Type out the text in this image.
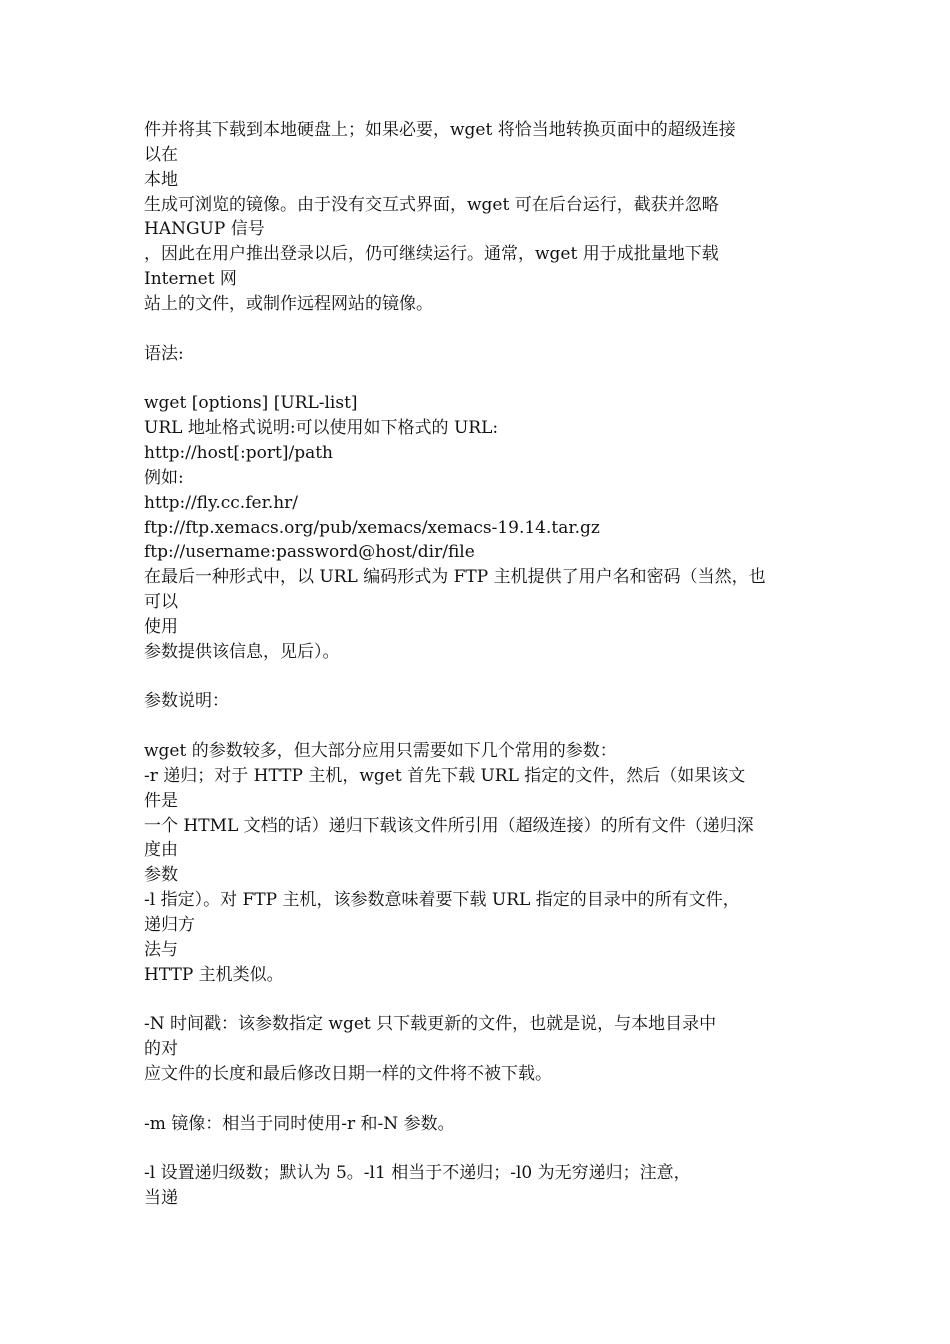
件并将其下载到本地硬盘上；如果必要，wget 将恰当地转换页面中的超级连接
以在
本地
生成可浏览的镜像。由于没有交互式界面，wget 可在后台运行，截获并忽略
HANGUP 信号
，因此在用户推出登录以后，仍可继续运行。通常，wget 用于成批量地下载
Internet 网
站上的文件，或制作远程网站的镜像。
语法:
wget [options] [URL-list]
URL 地址格式说明:可以使用如下格式的 URL:
http://host[:port]/path
例如:
http://fly.cc.fer.hr/
ftp://ftp.xemacs.org/pub/xemacs/xemacs-19.14.tar.gz
ftp://username:password@host/dir/file
在最后一种形式中，以 URL 编码形式为 FTP 主机提供了用户名和密码（当然，也
可以
使用
参数提供该信息，见后）。
参数说明：
wget 的参数较多，但大部分应用只需要如下几个常用的参数：
-r 递归；对于 HTTP 主机，wget 首先下载 URL 指定的文件，然后（如果该文
件是
一个 HTML 文档的话）递归下载该文件所引用（超级连接）的所有文件（递归深
度由
参数
-l 指定）。对 FTP 主机，该参数意味着要下载 URL 指定的目录中的所有文件，
递归方
法与
HTTP 主机类似。
-N 时间戳：该参数指定 wget 只下载更新的文件，也就是说，与本地目录中
的对
应文件的长度和最后修改日期一样的文件将不被下载。
-m 镜像：相当于同时使用-r 和-N 参数。
-l 设置递归级数；默认为 5。-l1 相当于不递归；-l0 为无穷递归；注意，
当递
